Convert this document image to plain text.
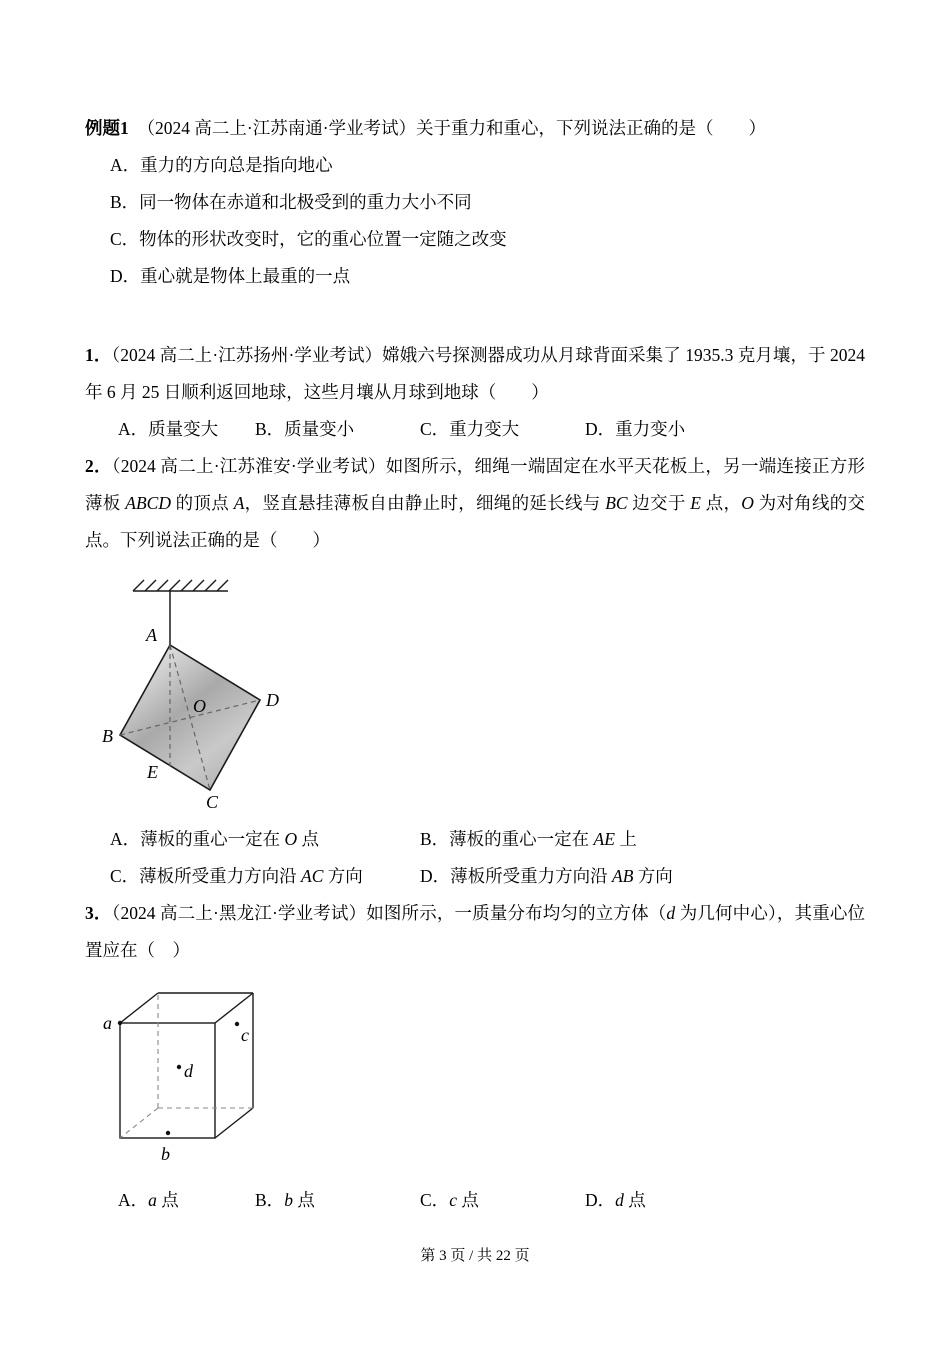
例题1　（2024 高二上·江苏南通·学业考试）关于重力和重心，下列说法正确的是（　　）

A．重力的方向总是指向地心

B．同一物体在赤道和北极受到的重力大小不同

C．物体的形状改变时，它的重心位置一定随之改变

D．重心就是物体上最重的一点

1．（2024 高二上·江苏扬州·学业考试）嫦娥六号探测器成功从月球背面采集了 1935.3 克月壤，于 2024 年 6 月 25 日顺利返回地球，这些月壤从月球到地球（　　）

A．质量变大 B．质量变小	C．重力变大	D．重力变小

2．（2024 高二上·江苏淮安·学业考试）如图所示，细绳一端固定在水平天花板上，另一端连接正方形薄板 ABCD 的顶点 A，竖直悬挂薄板自由静止时，细绳的延长线与 BC 边交于 E 点，O 为对角线的交点。下列说法正确的是（　　）

A
B
C
D
E
O

A．薄板的重心一定在 O 点	B．薄板的重心一定在 AE 上

C．薄板所受重力方向沿 AC 方向	D．薄板所受重力方向沿 AB 方向

3．（2024 高二上·黑龙江·学业考试）如图所示，一质量分布均匀的立方体（d 为几何中心），其重心位置应在（　）

a
c
d
b

A．a 点	B．b 点	C．c 点	D．d 点

第 3 页 / 共 22 页
